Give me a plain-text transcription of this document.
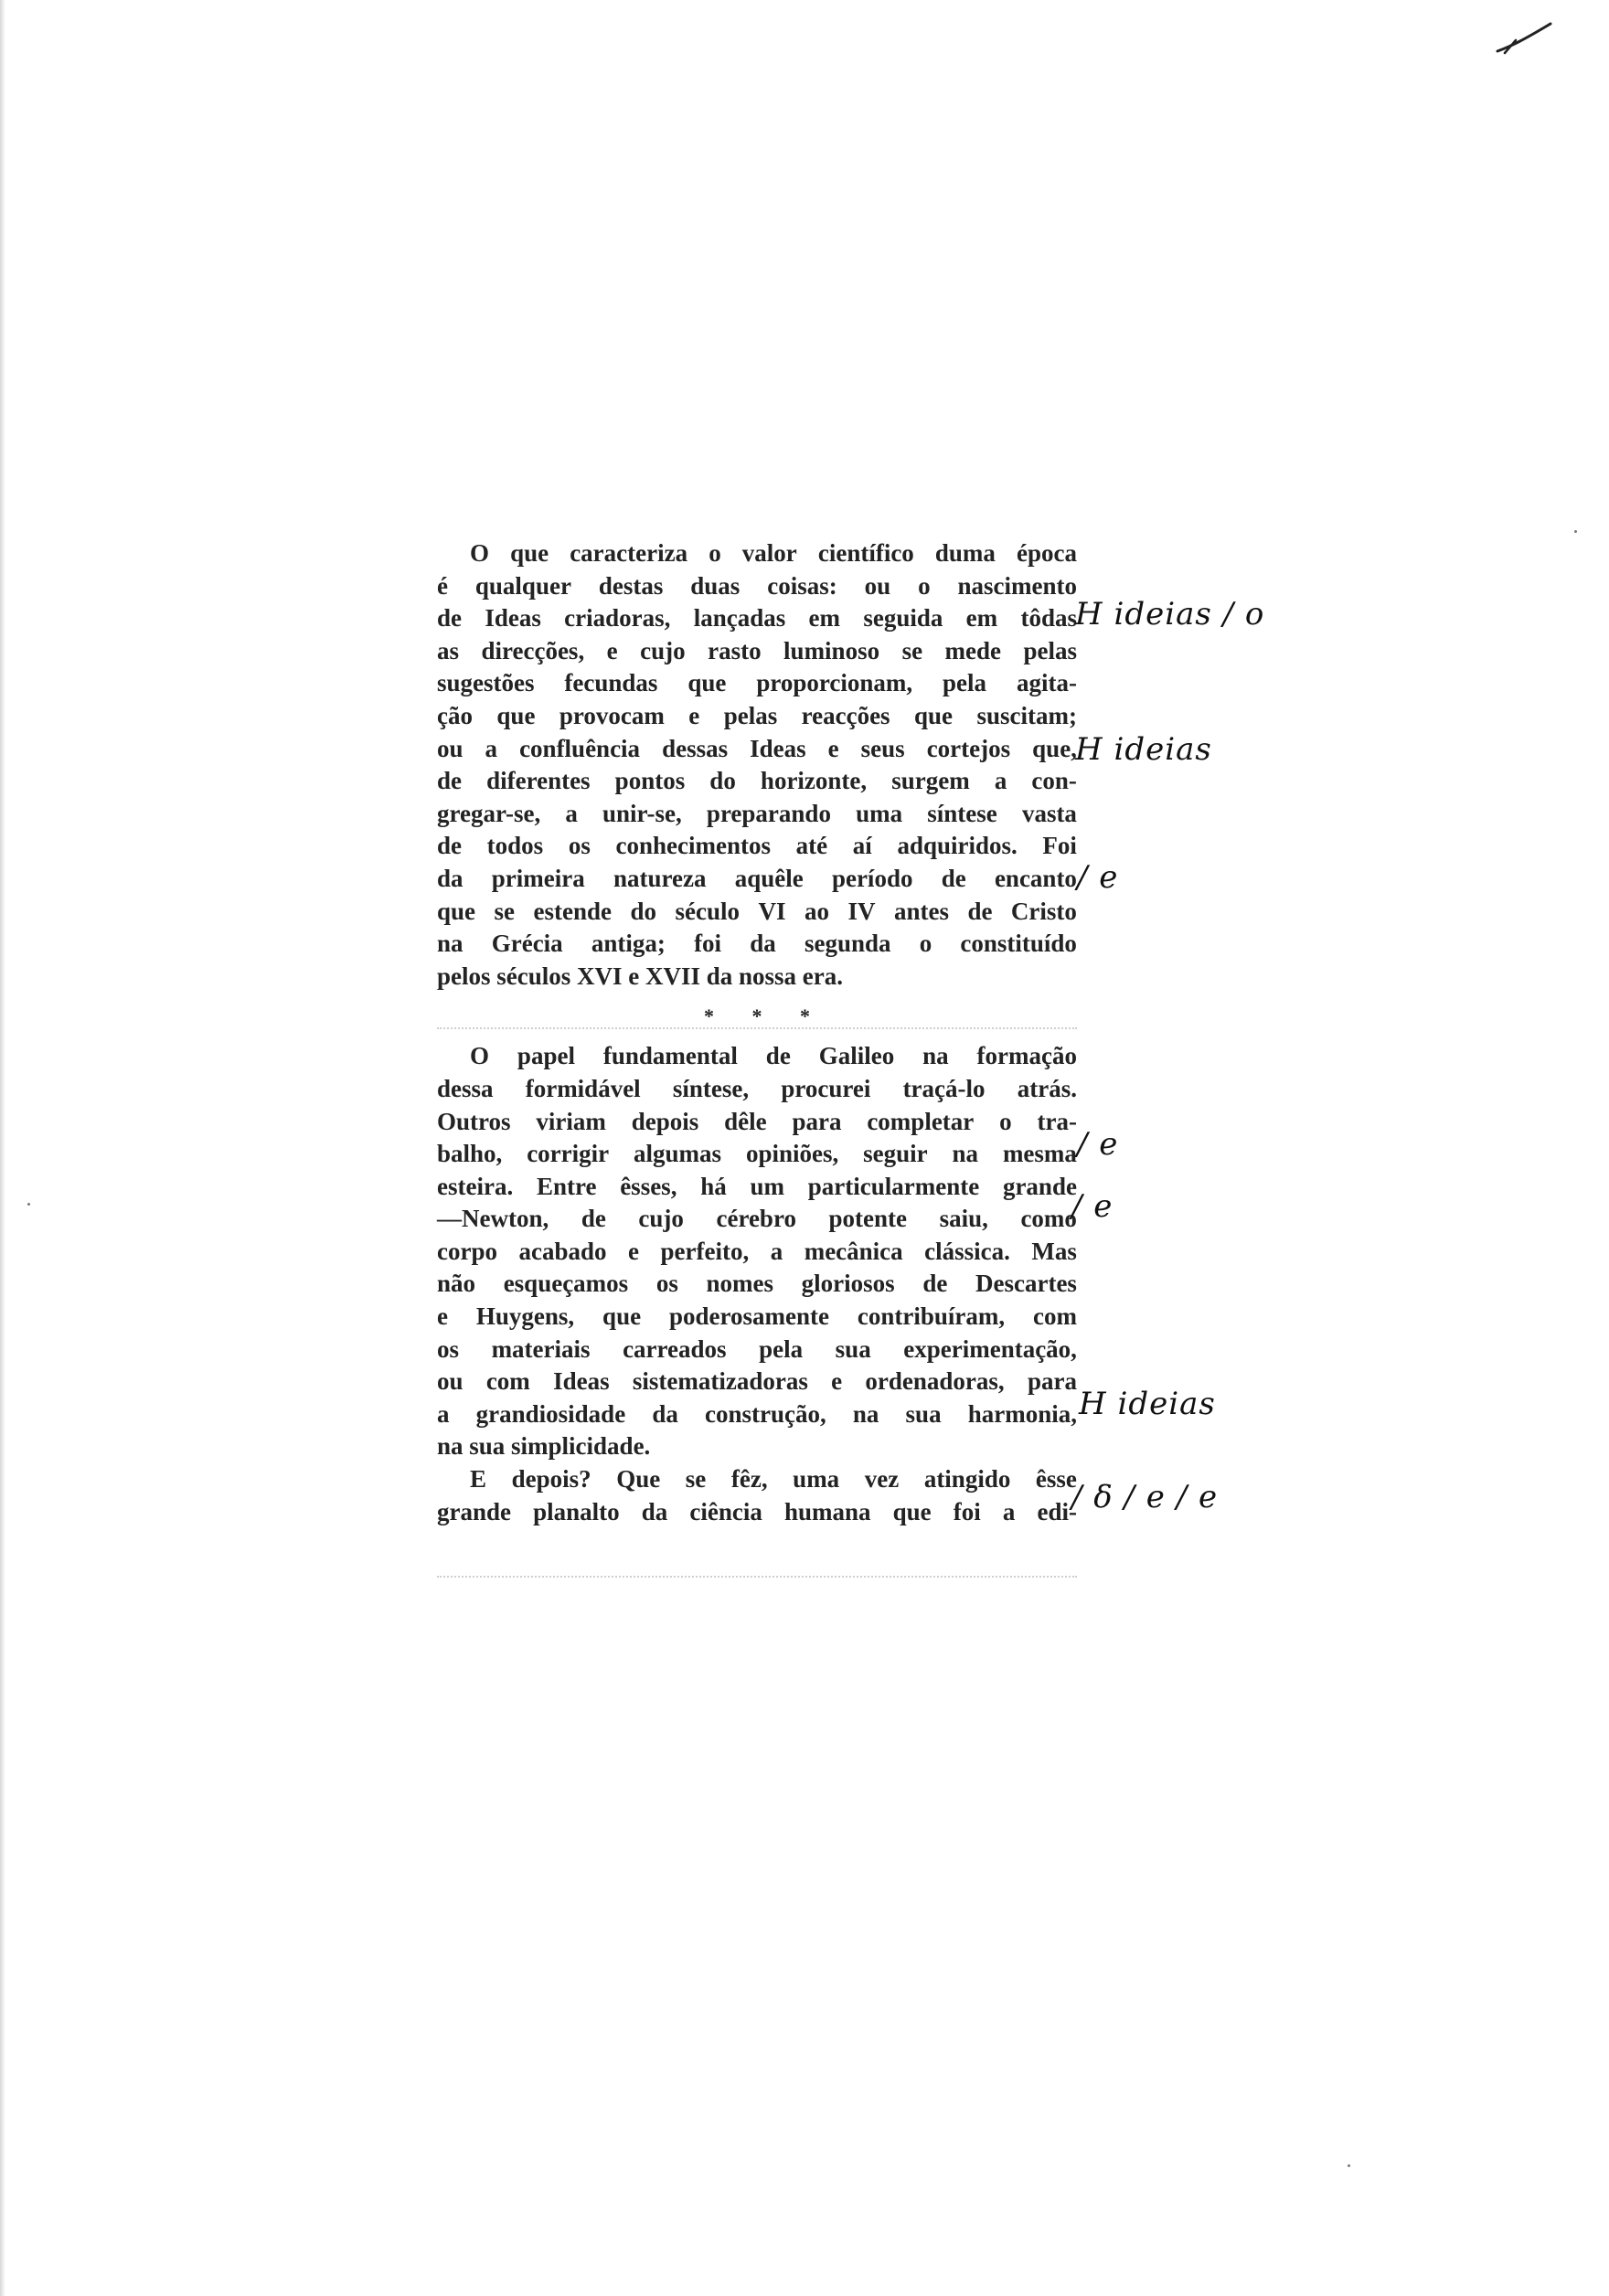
O que caracteriza o valor científico duma época
é qualquer destas duas coisas: ou o nascimento
de Ideas criadoras, lançadas em seguida em tôdas
as direcções, e cujo rasto luminoso se mede pelas
sugestões fecundas que proporcionam, pela agita-
ção que provocam e pelas reacções que suscitam;
ou a confluência dessas Ideas e seus cortejos que,
de diferentes pontos do horizonte, surgem a con-
gregar-se, a unir-se, preparando uma síntese vasta
de todos os conhecimentos até aí adquiridos. Foi
da primeira natureza aquêle período de encanto
que se estende do século VI ao IV antes de Cristo
na Grécia antiga; foi da segunda o constituído
pelos séculos XVI e XVII da nossa era.
* * *
O papel fundamental de Galileo na formação
dessa formidável síntese, procurei traçá-lo atrás.
Outros viriam depois dêle para completar o tra-
balho, corrigir algumas opiniões, seguir na mesma
esteira. Entre êsses, há um particularmente grande
—Newton, de cujo cérebro potente saiu, como
corpo acabado e perfeito, a mecânica clássica. Mas
não esqueçamos os nomes gloriosos de Descartes
e Huygens, que poderosamente contribuíram, com
os materiais carreados pela sua experimentação,
ou com Ideas sistematizadoras e ordenadoras, para
a grandiosidade da construção, na sua harmonia,
na sua simplicidade.
E depois? Que se fêz, uma vez atingido êsse
grande planalto da ciência humana que foi a edi-
H ideias / o
H ideias
/ e
/ e
/ e
H ideias
/ δ / e / e
